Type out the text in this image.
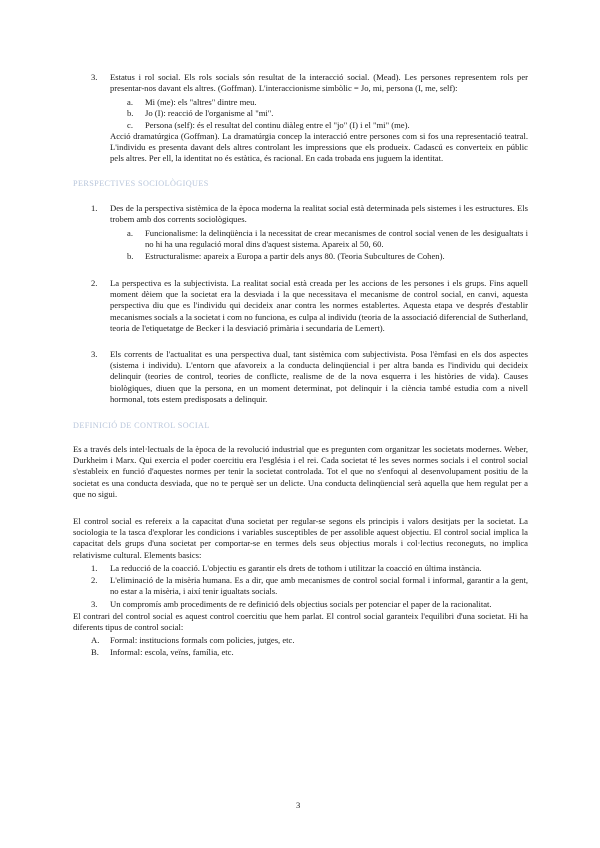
3. Estatus i rol social. Els rols socials són resultat de la interacció social. (Mead). Les persones representem rols per presentar-nos davant els altres. (Goffman). L'interaccionisme simbòlic = Jo, mi, persona (I, me, self):
a. Mi (me): els "altres" dintre meu.
b. Jo (I): reacció de l'organisme al "mi".
c. Persona (self): és el resultat del continu diàleg entre el "jo" (I) i el "mi" (me).
Acció dramatúrgica (Goffman). La dramatúrgia concep la interacció entre persones com si fos una representació teatral. L'individu es presenta davant dels altres controlant les impressions que els produeix. Cadascú es converteix en públic pels altres. Per ell, la identitat no és estàtica, és racional. En cada trobada ens juguem la identitat.
PERSPECTIVES SOCIOLÒGIQUES
1. Des de la perspectiva sistèmica de la època moderna la realitat social està determinada pels sistemes i les estructures. Els trobem amb dos corrents sociològiques.
a. Funcionalisme: la delinqüència i la necessitat de crear mecanismes de control social venen de les desigualtats i no hi ha una regulació moral dins d'aquest sistema. Apareix al 50, 60.
b. Estructuralisme: apareix a Europa a partir dels anys 80. (Teoria Subcultures de Cohen).
2. La perspectiva es la subjectivista. La realitat social està creada per les accions de les persones i els grups. Fins aquell moment dèiem que la societat era la desviada i la que necessitava el mecanisme de control social, en canvi, aquesta perspectiva diu que es l'individu qui decideix anar contra les normes establertes. Aquesta etapa ve després d'establir mecanismes socials a la societat i com no funciona, es culpa al individu (teoria de la associació diferencial de Sutherland, teoria de l'etiquetatge de Becker i la desviació primària i secundaria de Lemert).
3. Els corrents de l'actualitat es una perspectiva dual, tant sistèmica com subjectivista. Posa l'èmfasi en els dos aspectes (sistema i individu). L'entorn que afavoreix a la conducta delinqüencial i per altra banda es l'individu qui decideix delinquir (teories de control, teories de conflicte, realisme de de la nova esquerra i les històries de vida). Causes biològiques, diuen que la persona, en un moment determinat, pot delinquir i la ciència també estudia com a nivell hormonal, tots estem predisposats a delinquir.
DEFINICIÓ DE CONTROL SOCIAL
Es a través dels intel·lectuals de la època de la revolució industrial que es pregunten com organitzar les societats modernes. Weber, Durkheim i Marx. Qui exercia el poder coercitiu era l'església i el rei. Cada societat té les seves normes socials i el control social s'estableix en funció d'aquestes normes per tenir la societat controlada. Tot el que no s'enfoqui al desenvolupament positiu de la societat es una conducta desviada, que no te perquè ser un delicte. Una conducta delinqüencial serà aquella que hem regulat per a que no sigui.
El control social es refereix a la capacitat d'una societat per regular-se segons els principis i valors desitjats per la societat. La sociologia te la tasca d'explorar les condicions i variables susceptibles de per assolible aquest objectiu. El control social implica la capacitat dels grups d'una societat per comportar-se en termes dels seus objectius morals i col·lectius reconeguts, no implica relativisme cultural. Elements basics:
1. La reducció de la coacció. L'objectiu es garantir els drets de tothom i utilitzar la coacció en última instància.
2. L'eliminació de la misèria humana. Es a dir, que amb mecanismes de control social formal i informal, garantir a la gent, no estar a la misèria, i així tenir igualtats socials.
3. Un compromís amb procediments de re definició dels objectius socials per potenciar el paper de la racionalitat.
El contrari del control social es aquest control coercitiu que hem parlat. El control social garanteix l'equilibri d'una societat. Hi ha diferents tipus de control social:
A. Formal: institucions formals com policies, jutges, etc.
B. Informal: escola, veïns, família, etc.
3
